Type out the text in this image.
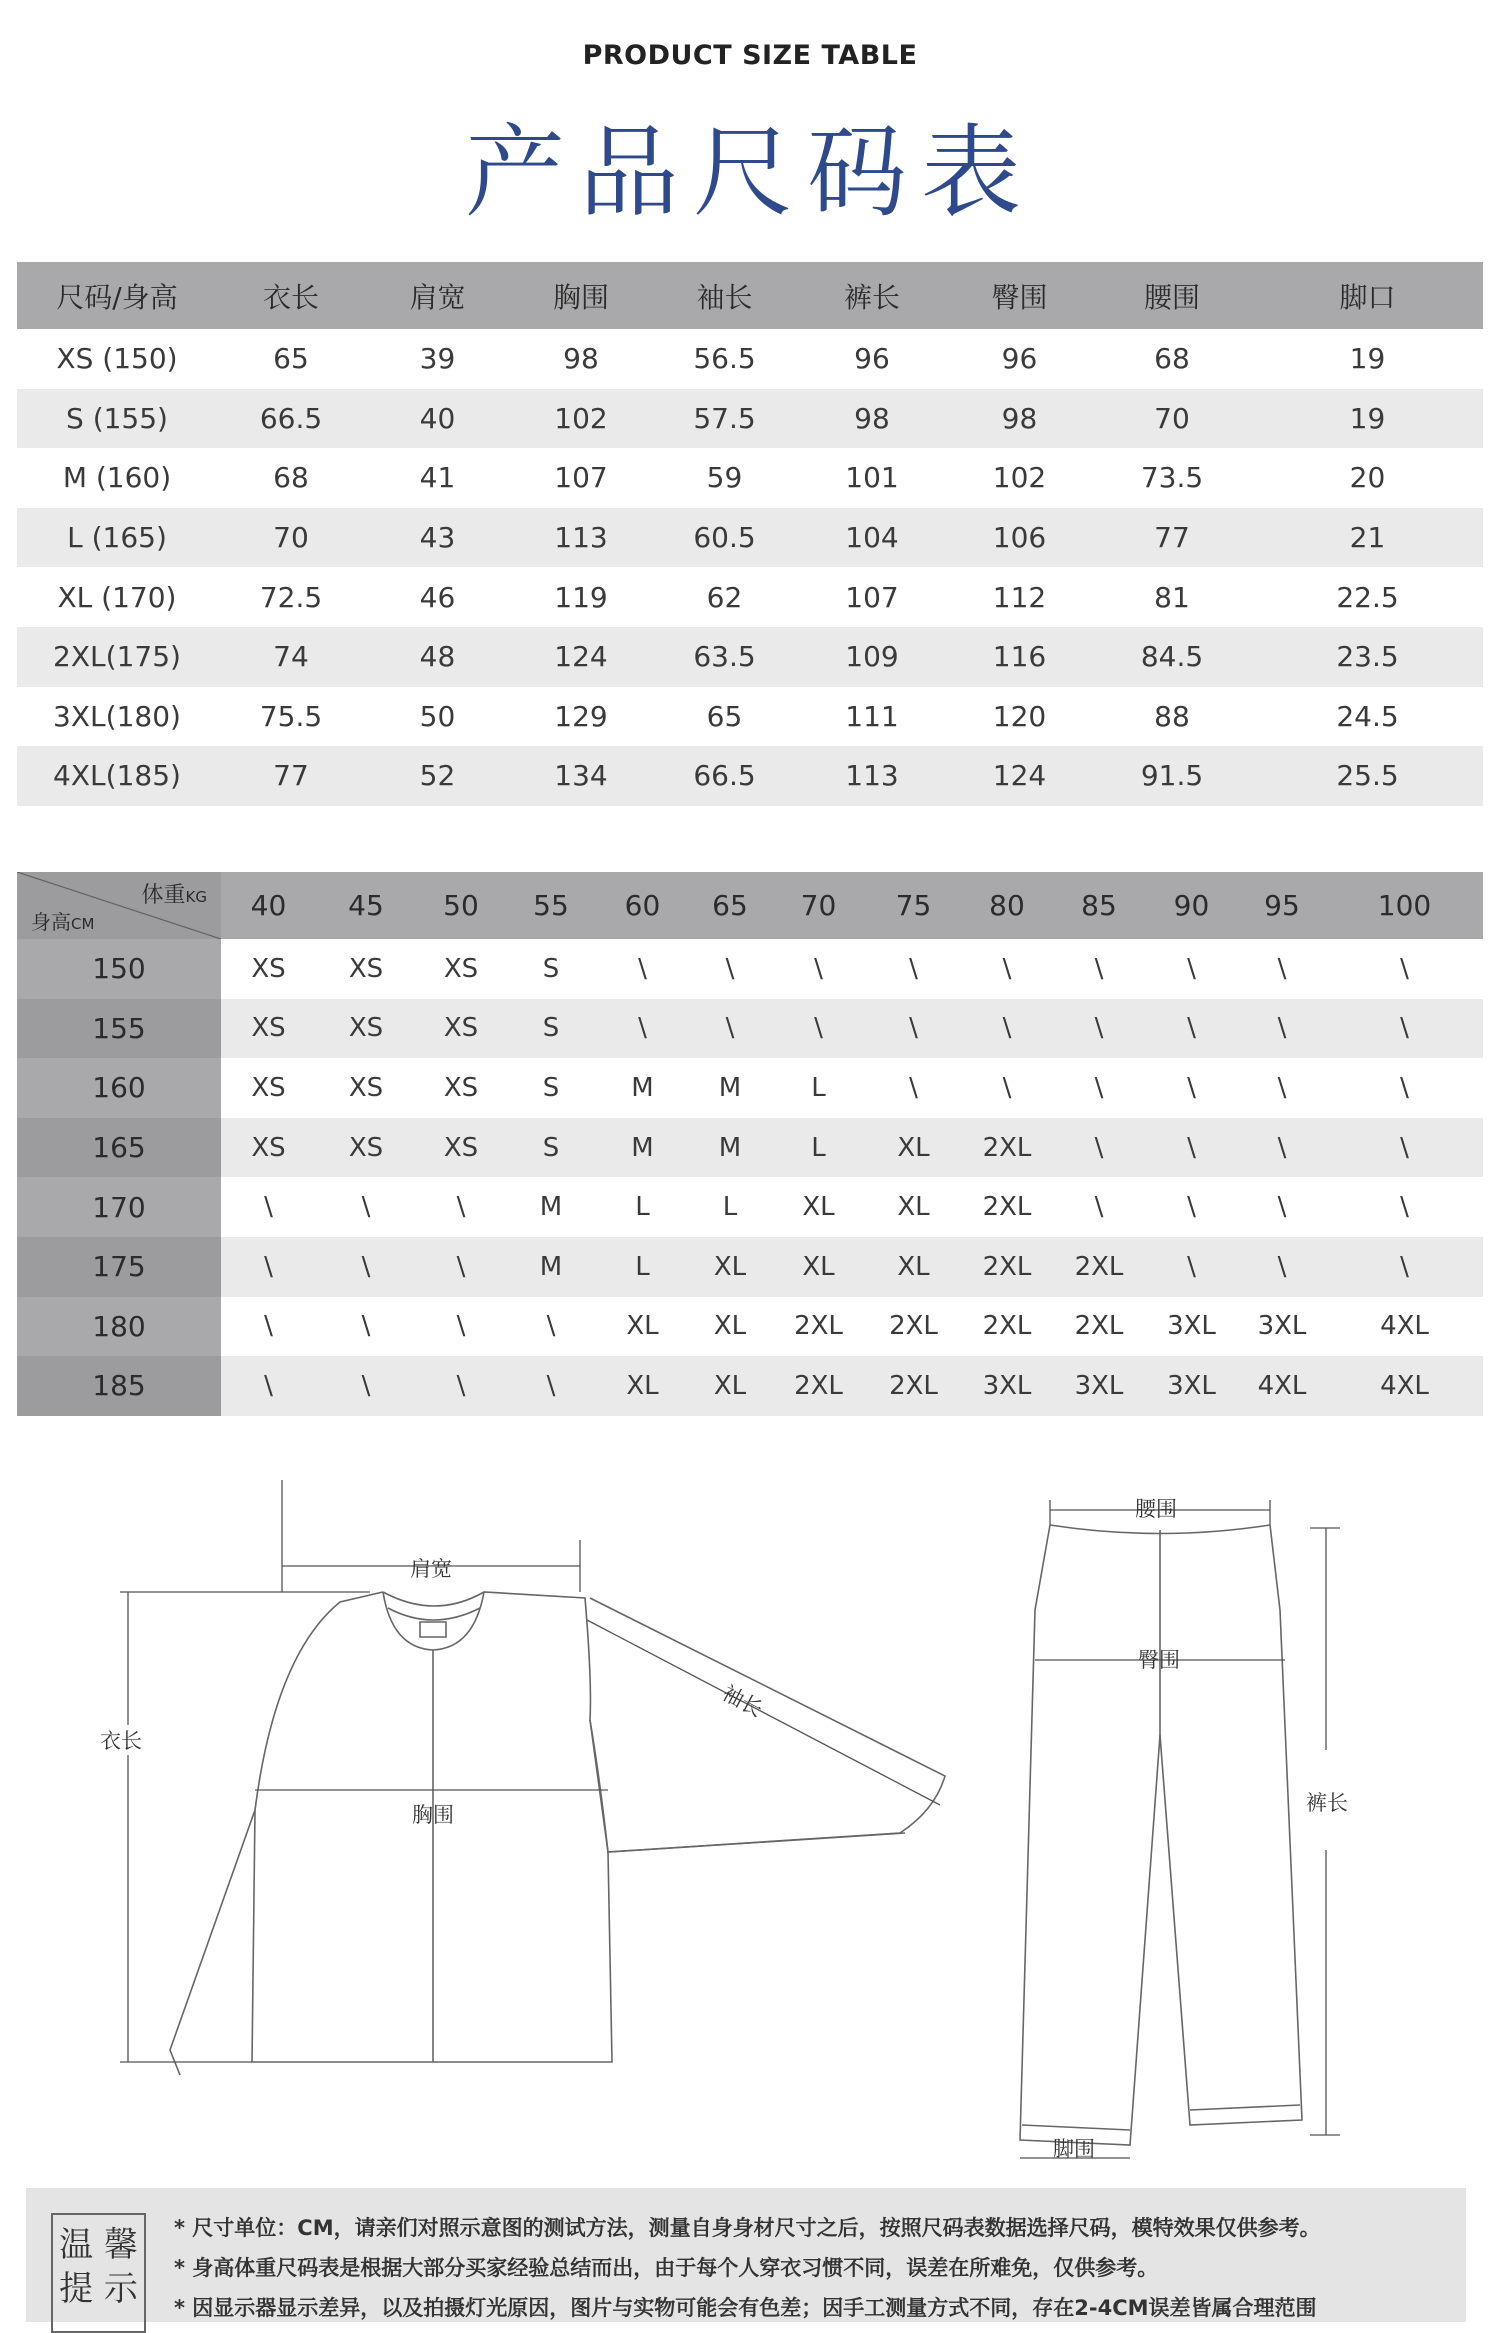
PRODUCT SIZE TABLE
产品尺码表
尺码/身高	衣长	肩宽	胸围	袖长	裤长	臀围	腰围	脚口
XS (150)	65	39	98	56.5	96	96	68	19
S (155)	66.5	40	102	57.5	98	98	70	19
M (160)	68	41	107	59	101	102	73.5	20
L (165)	70	43	113	60.5	104	106	77	21
XL (170)	72.5	46	119	62	107	112	81	22.5
2XL(175)	74	48	124	63.5	109	116	84.5	23.5
3XL(180)	75.5	50	129	65	111	120	88	24.5
4XL(185)	77	52	134	66.5	113	124	91.5	25.5
体重KG
身高CM	40	45	50	55	60	65	70	75	80	85	90	95	100
150	XS	XS	XS	S	\	\	\	\	\	\	\	\	\
155	XS	XS	XS	S	\	\	\	\	\	\	\	\	\
160	XS	XS	XS	S	M	M	L	\	\	\	\	\	\
165	XS	XS	XS	S	M	M	L	XL	2XL	\	\	\	\
170	\	\	\	M	L	L	XL	XL	2XL	\	\	\	\
175	\	\	\	M	L	XL	XL	XL	2XL	2XL	\	\	\
180	\	\	\	\	XL	XL	2XL	2XL	2XL	2XL	3XL	3XL	4XL
185	\	\	\	\	XL	XL	2XL	2XL	3XL	3XL	3XL	4XL	4XL
肩宽
袖长
胸围
衣长
腰围
臀围
裤长
脚围
温 馨
提 示
* 尺寸单位：CM，请亲们对照示意图的测试方法，测量自身身材尺寸之后，按照尺码表数据选择尺码，模特效果仅供参考。
* 身高体重尺码表是根据大部分买家经验总结而出，由于每个人穿衣习惯不同，误差在所难免，仅供参考。
* 因显示器显示差异，以及拍摄灯光原因，图片与实物可能会有色差；因手工测量方式不同，存在2-4CM误差皆属合理范围
